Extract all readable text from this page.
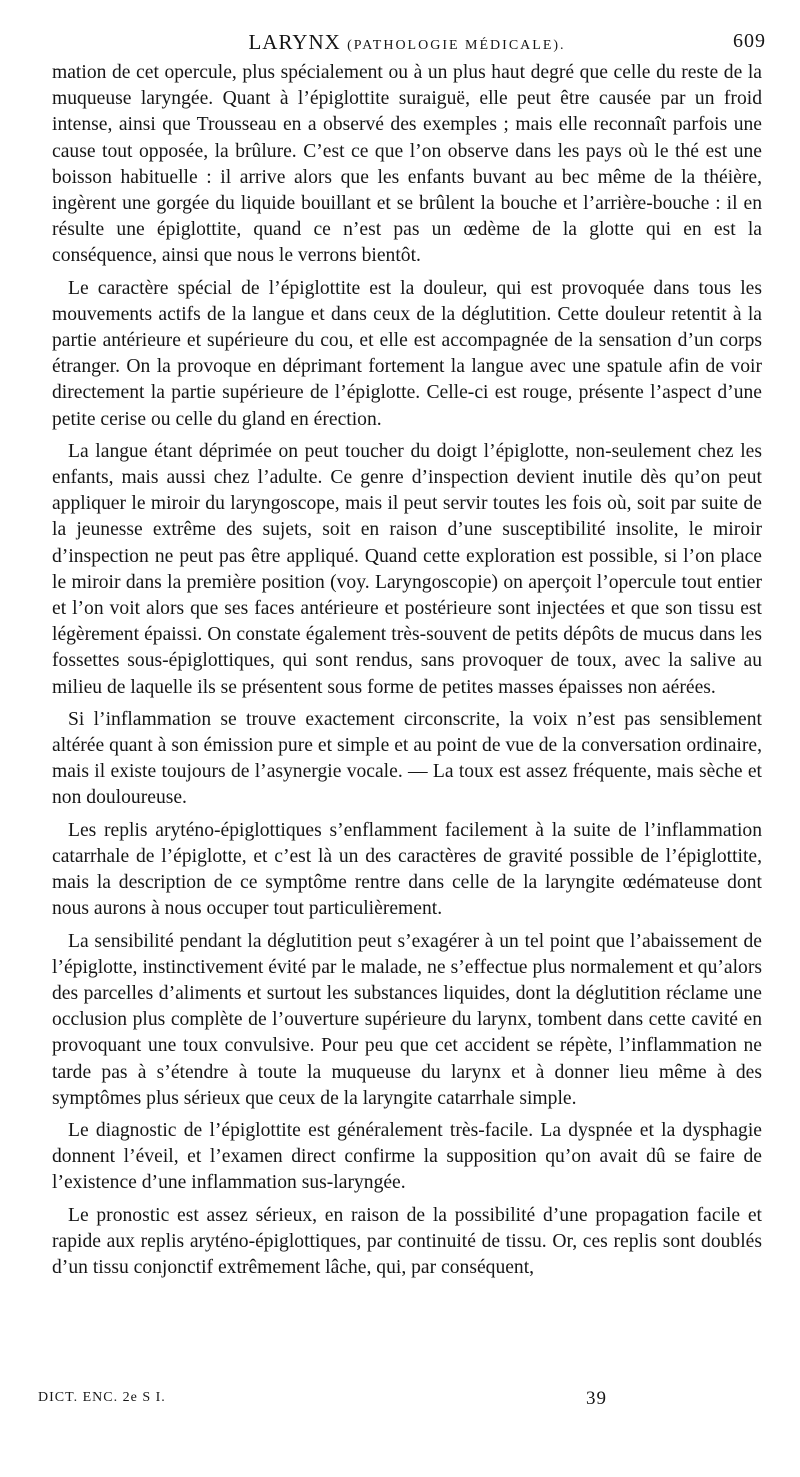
LARYNX (PATHOLOGIE MÉDICALE).	609

mation de cet opercule, plus spécialement ou à un plus haut degré que celle du reste de la muqueuse laryngée. Quant à l’épiglottite suraiguë, elle peut être causée par un froid intense, ainsi que Trousseau en a observé des exemples ; mais elle reconnaît parfois une cause tout opposée, la brûlure. C’est ce que l’on observe dans les pays où le thé est une boisson habituelle : il arrive alors que les enfants buvant au bec même de la théière, ingèrent une gorgée du liquide bouillant et se brûlent la bouche et l’arrière-bouche : il en résulte une épiglottite, quand ce n’est pas un œdème de la glotte qui en est la conséquence, ainsi que nous le verrons bientôt.

Le caractère spécial de l’épiglottite est la douleur, qui est provoquée dans tous les mouvements actifs de la langue et dans ceux de la déglutition. Cette douleur retentit à la partie antérieure et supérieure du cou, et elle est accompagnée de la sensation d’un corps étranger. On la provoque en déprimant fortement la langue avec une spatule afin de voir directement la partie supérieure de l’épiglotte. Celle-ci est rouge, présente l’aspect d’une petite cerise ou celle du gland en érection.

La langue étant déprimée on peut toucher du doigt l’épiglotte, non-seulement chez les enfants, mais aussi chez l’adulte. Ce genre d’inspection devient inutile dès qu’on peut appliquer le miroir du laryngoscope, mais il peut servir toutes les fois où, soit par suite de la jeunesse extrême des sujets, soit en raison d’une susceptibilité insolite, le miroir d’inspection ne peut pas être appliqué. Quand cette exploration est possible, si l’on place le miroir dans la première position (voy. Laryngoscopie) on aperçoit l’opercule tout entier et l’on voit alors que ses faces antérieure et postérieure sont injectées et que son tissu est légèrement épaissi. On constate également très-souvent de petits dépôts de mucus dans les fossettes sous-épiglottiques, qui sont rendus, sans provoquer de toux, avec la salive au milieu de laquelle ils se présentent sous forme de petites masses épaisses non aérées.

Si l’inflammation se trouve exactement circonscrite, la voix n’est pas sensiblement altérée quant à son émission pure et simple et au point de vue de la conversation ordinaire, mais il existe toujours de l’asynergie vocale. — La toux est assez fréquente, mais sèche et non douloureuse.

Les replis aryténo-épiglottiques s’enflamment facilement à la suite de l’inflammation catarrhale de l’épiglotte, et c’est là un des caractères de gravité possible de l’épiglottite, mais la description de ce symptôme rentre dans celle de la laryngite œdémateuse dont nous aurons à nous occuper tout particulièrement.

La sensibilité pendant la déglutition peut s’exagérer à un tel point que l’abaissement de l’épiglotte, instinctivement évité par le malade, ne s’effectue plus normalement et qu’alors des parcelles d’aliments et surtout les substances liquides, dont la déglutition réclame une occlusion plus complète de l’ouverture supérieure du larynx, tombent dans cette cavité en provoquant une toux convulsive. Pour peu que cet accident se répète, l’inflammation ne tarde pas à s’étendre à toute la muqueuse du larynx et à donner lieu même à des symptômes plus sérieux que ceux de la laryngite catarrhale simple.

Le diagnostic de l’épiglottite est généralement très-facile. La dyspnée et la dysphagie donnent l’éveil, et l’examen direct confirme la supposition qu’on avait dû se faire de l’existence d’une inflammation sus-laryngée.

Le pronostic est assez sérieux, en raison de la possibilité d’une propagation facile et rapide aux replis aryténo-épiglottiques, par continuité de tissu. Or, ces replis sont doublés d’un tissu conjonctif extrêmement lâche, qui, par conséquent,

DICT. ENC. 2e S I.	39
